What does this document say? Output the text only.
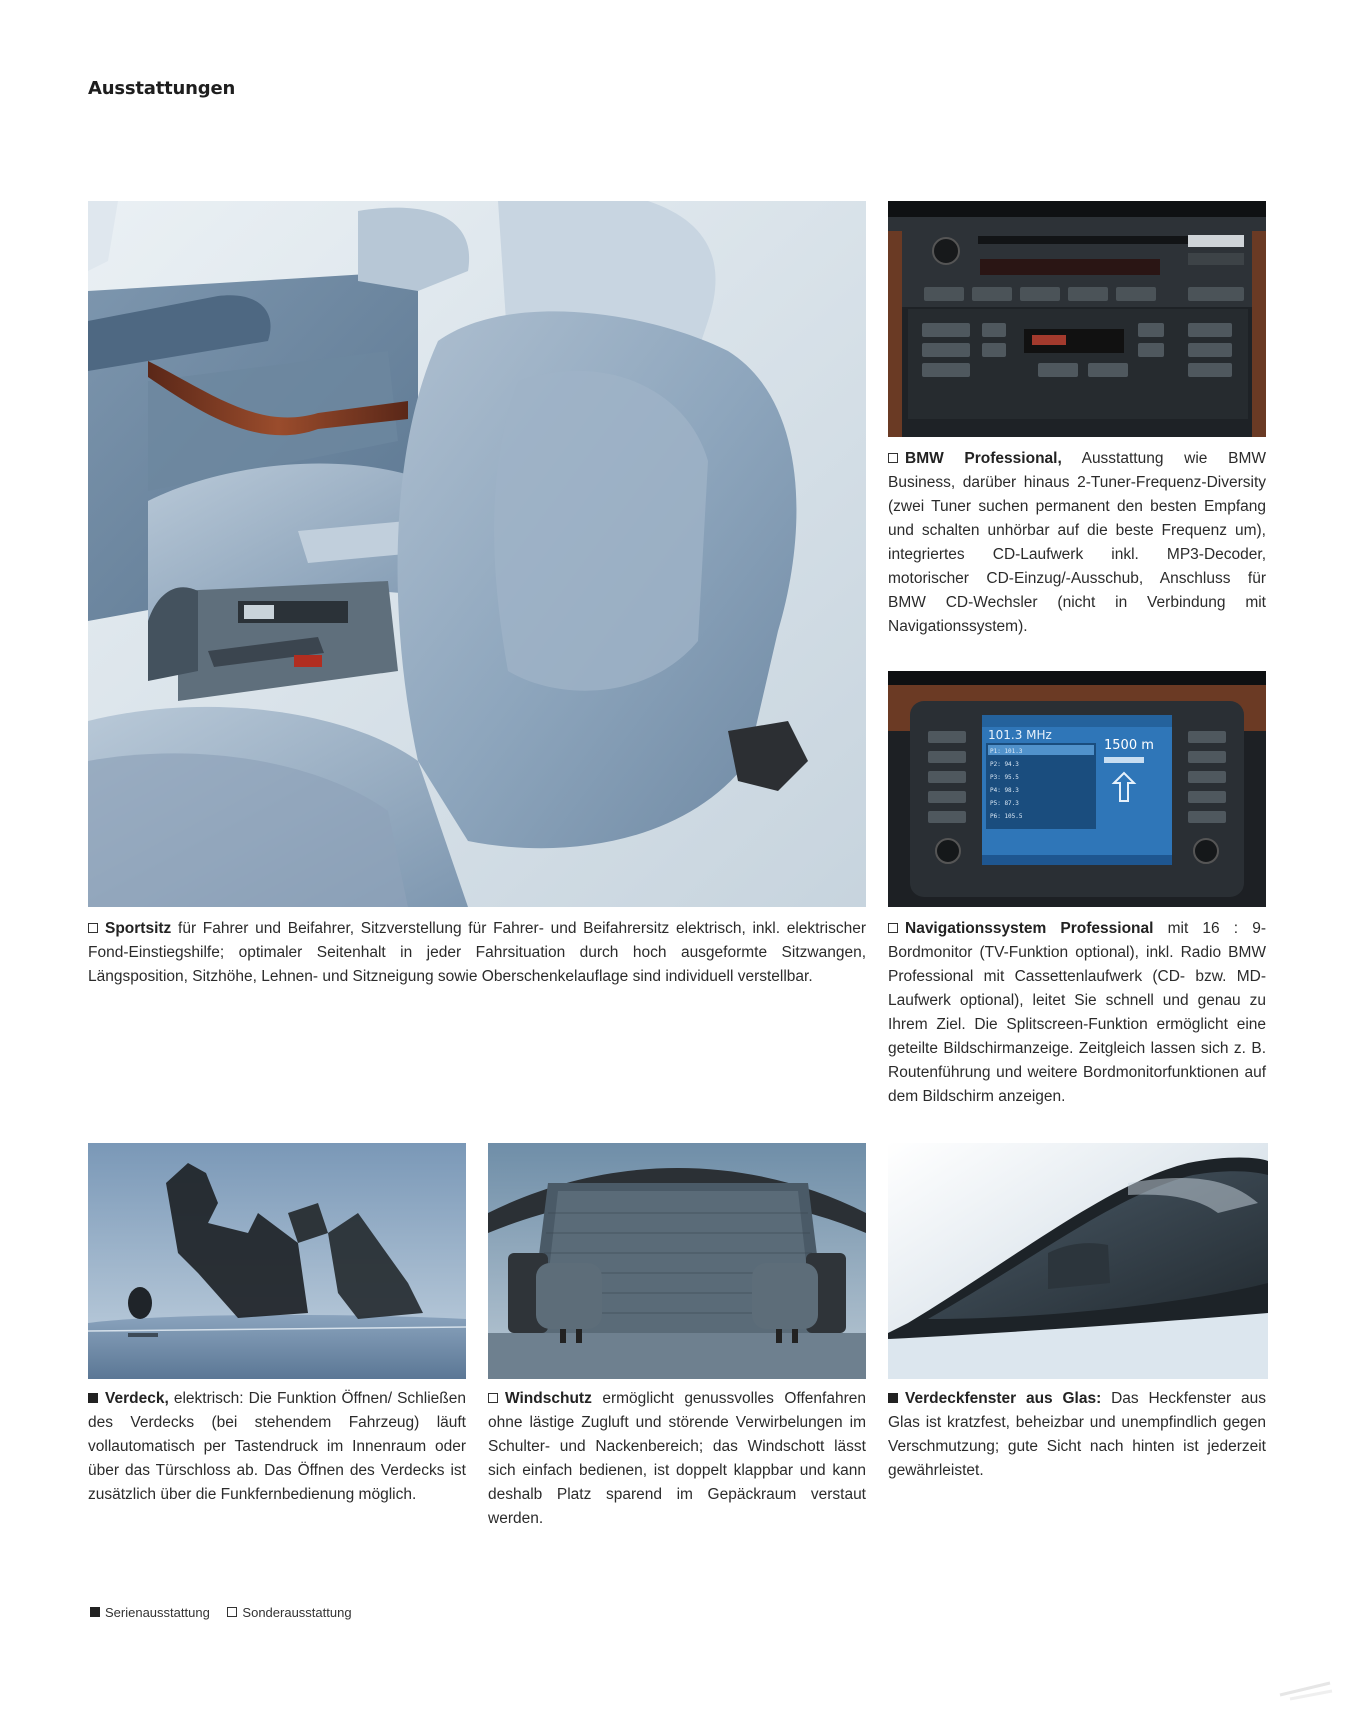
Ausstattungen
Sportsitz für Fahrer und Beifahrer, Sitzverstellung für Fahrer- und Beifahrersitz elektrisch, inkl. elektrischer Fond-Einstiegshilfe; optimaler Seitenhalt in jeder Fahrsituation durch hoch ausgeformte Sitzwangen, Längsposition, Sitzhöhe, Lehnen- und Sitzneigung sowie Oberschenkelauflage sind individuell verstellbar.
BMW Professional, Ausstattung wie BMW Business, darüber hinaus 2-Tuner-Frequenz-Diversity (zwei Tuner suchen permanent den besten Empfang und schalten unhörbar auf die beste Frequenz um), integriertes CD-Laufwerk inkl. MP3-Decoder, motorischer CD-Einzug/-Ausschub, Anschluss für BMW CD-Wechsler (nicht in Verbindung mit Navigationssystem).
101.3 MHz
1500 m
P1: 101.3
P2: 94.3
P3: 95.5
P4: 98.3
P5: 87.3
P6: 105.5
Navigationssystem Professional mit 16 : 9-Bordmonitor (TV-Funktion optional), inkl. Radio BMW Professional mit Cassettenlaufwerk (CD- bzw. MD-Laufwerk optional), leitet Sie schnell und genau zu Ihrem Ziel. Die Splitscreen-Funktion ermöglicht eine geteilte Bildschirmanzeige. Zeitgleich lassen sich z. B. Routenführung und weitere Bordmonitorfunktionen auf dem Bildschirm anzeigen.
Verdeck, elektrisch: Die Funktion Öffnen/ Schließen des Verdecks (bei stehendem Fahrzeug) läuft vollautomatisch per Tastendruck im Innenraum oder über das Türschloss ab. Das Öffnen des Verdecks ist zusätzlich über die Funkfernbedienung möglich.
Windschutz ermöglicht genussvolles Offenfahren ohne lästige Zugluft und störende Verwirbelungen im Schulter- und Nackenbereich; das Windschott lässt sich einfach bedienen, ist doppelt klappbar und kann deshalb Platz sparend im Gepäckraum verstaut werden.
Verdeckfenster aus Glas: Das Heckfenster aus Glas ist kratzfest, beheizbar und unempfindlich gegen Verschmutzung; gute Sicht nach hinten ist jederzeit gewährleistet.
Serienausstattung	Sonderausstattung
